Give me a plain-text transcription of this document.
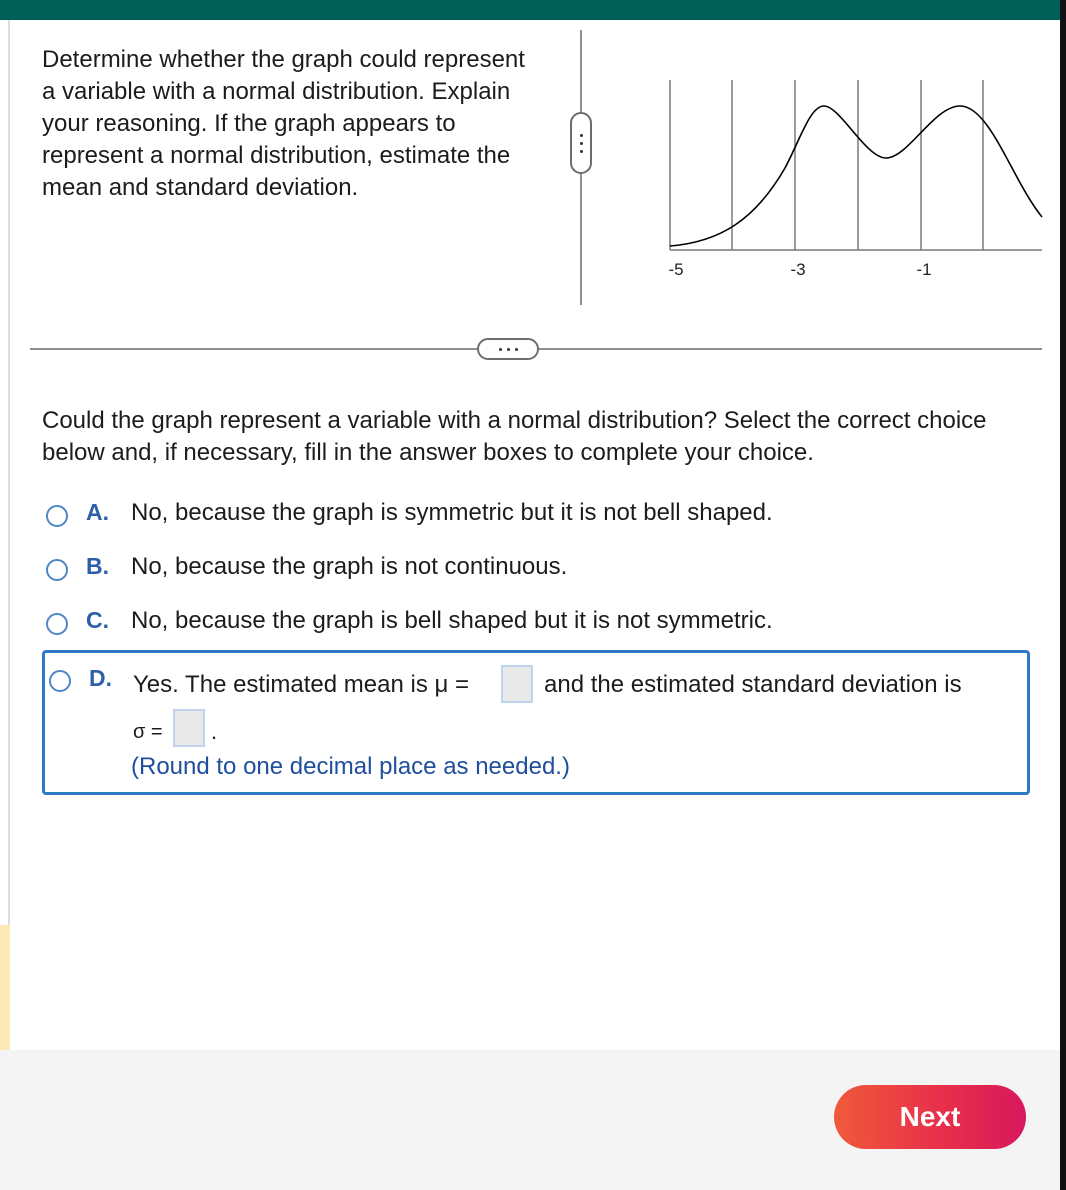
Determine whether the graph could represent a variable with a normal distribution. Explain your reasoning. If the graph appears to represent a normal distribution, estimate the mean and standard deviation.
-5	-3	-1
Could the graph represent a variable with a normal distribution? Select the correct choice below and, if necessary, fill in the answer boxes to complete your choice.
A. No, because the graph is symmetric but it is not bell shaped.
B. No, because the graph is not continuous.
C. No, because the graph is bell shaped but it is not symmetric.
D. Yes. The estimated mean is μ =	and the estimated standard deviation is
σ = .
(Round to one decimal place as needed.)
Next
